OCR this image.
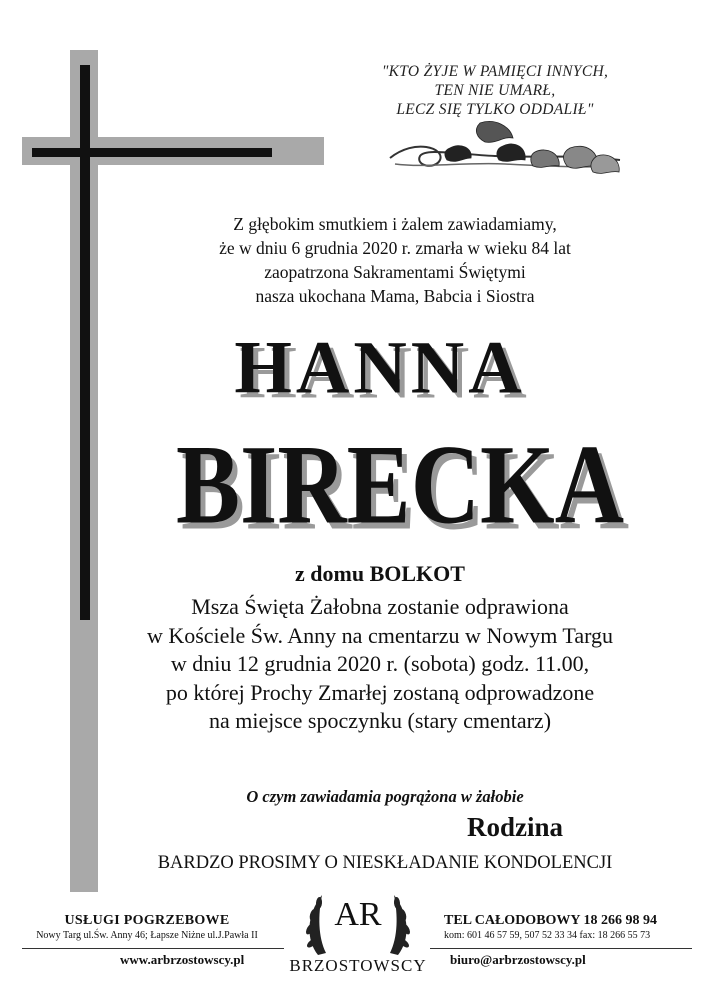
"KTO ŻYJE W PAMIĘCI INNYCH,
TEN NIE UMARŁ,
LECZ SIĘ TYLKO ODDALIŁ"
Z głębokim smutkiem i żalem zawiadamiamy,
że w dniu 6 grudnia 2020 r. zmarła w wieku 84 lat
zaopatrzona Sakramentami Świętymi
nasza ukochana Mama, Babcia i Siostra
HANNA
BIRECKA
z domu BOLKOT
Msza Święta Żałobna zostanie odprawiona
w Kościele Św. Anny na cmentarzu w Nowym Targu
w dniu 12 grudnia 2020 r. (sobota) godz. 11.00,
po której Prochy Zmarłej zostaną odprowadzone
na miejsce spoczynku (stary cmentarz)
O czym zawiadamia pogrążona w żałobie
Rodzina
BARDZO PROSIMY O NIESKŁADANIE KONDOLENCJI
USŁUGI POGRZEBOWE
Nowy Targ ul.Św. Anny 46; Łapsze Niżne ul.J.Pawła II
www.arbrzostowscy.pl
AR
BRZOSTOWSCY
TEL CAŁODOBOWY 18 266 98 94
kom: 601 46 57 59, 507 52 33 34 fax: 18 266 55 73
biuro@arbrzostowscy.pl
